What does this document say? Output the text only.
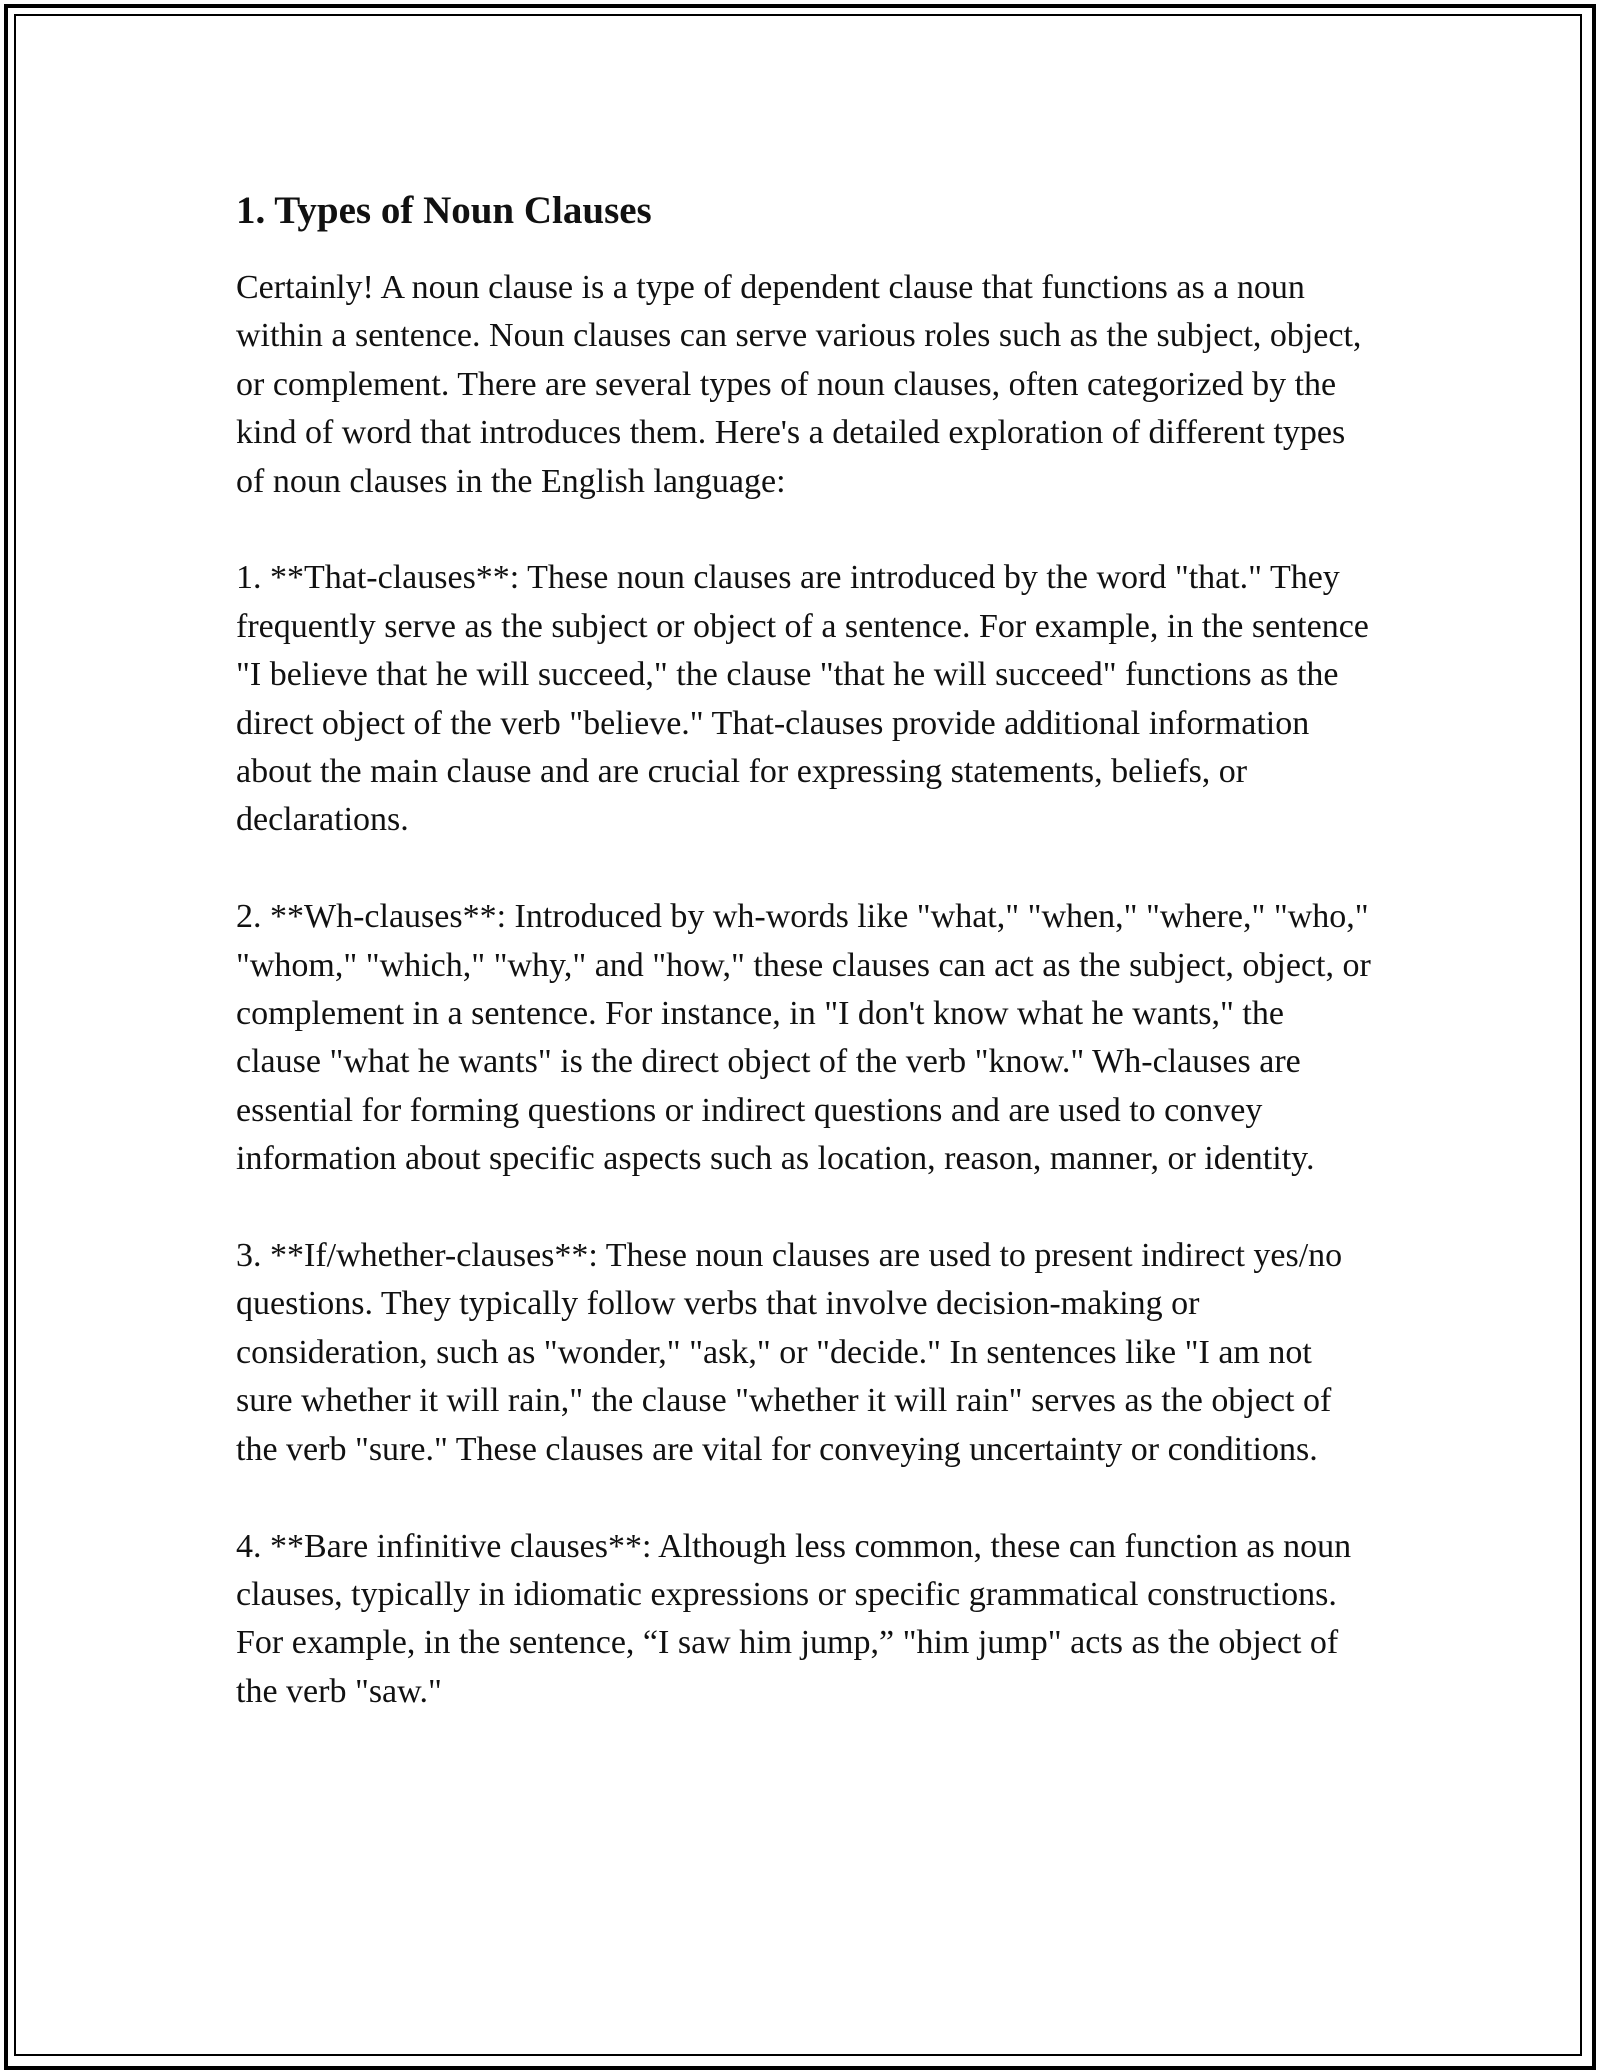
1. Types of Noun Clauses

Certainly! A noun clause is a type of dependent clause that functions as a noun within a sentence. Noun clauses can serve various roles such as the subject, object, or complement. There are several types of noun clauses, often categorized by the kind of word that introduces them. Here's a detailed exploration of different types of noun clauses in the English language:

1. **That-clauses**: These noun clauses are introduced by the word "that." They frequently serve as the subject or object of a sentence. For example, in the sentence "I believe that he will succeed," the clause "that he will succeed" functions as the direct object of the verb "believe." That-clauses provide additional information about the main clause and are crucial for expressing statements, beliefs, or declarations.

2. **Wh-clauses**: Introduced by wh-words like "what," "when," "where," "who," "whom," "which," "why," and "how," these clauses can act as the subject, object, or complement in a sentence. For instance, in "I don't know what he wants," the clause "what he wants" is the direct object of the verb "know." Wh-clauses are essential for forming questions or indirect questions and are used to convey information about specific aspects such as location, reason, manner, or identity.

3. **If/whether-clauses**: These noun clauses are used to present indirect yes/no questions. They typically follow verbs that involve decision-making or consideration, such as "wonder," "ask," or "decide." In sentences like "I am not sure whether it will rain," the clause "whether it will rain" serves as the object of the verb "sure." These clauses are vital for conveying uncertainty or conditions.

4. **Bare infinitive clauses**: Although less common, these can function as noun clauses, typically in idiomatic expressions or specific grammatical constructions. For example, in the sentence, “I saw him jump,” "him jump" acts as the object of the verb "saw."
